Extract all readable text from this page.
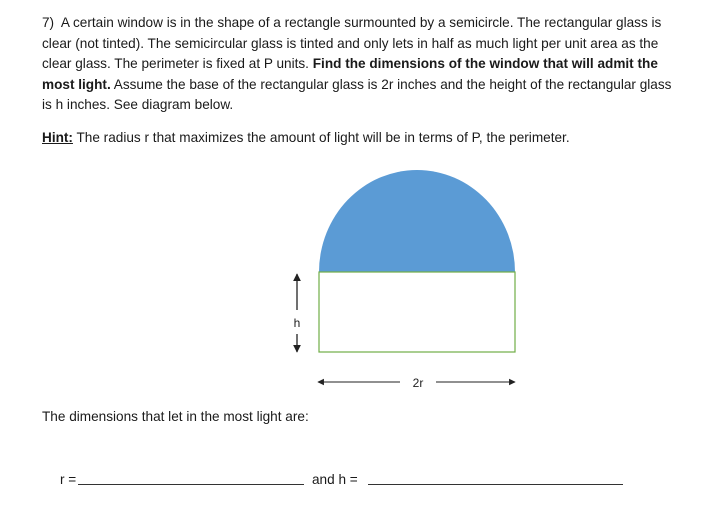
7) A certain window is in the shape of a rectangle surmounted by a semicircle. The rectangular glass is clear (not tinted). The semicircular glass is tinted and only lets in half as much light per unit area as the clear glass. The perimeter is fixed at P units. Find the dimensions of the window that will admit the most light. Assume the base of the rectangular glass is 2r inches and the height of the rectangular glass is h inches. See diagram below.
Hint: The radius r that maximizes the amount of light will be in terms of P, the perimeter.
h
2r
The dimensions that let in the most light are:
r =	and h =
